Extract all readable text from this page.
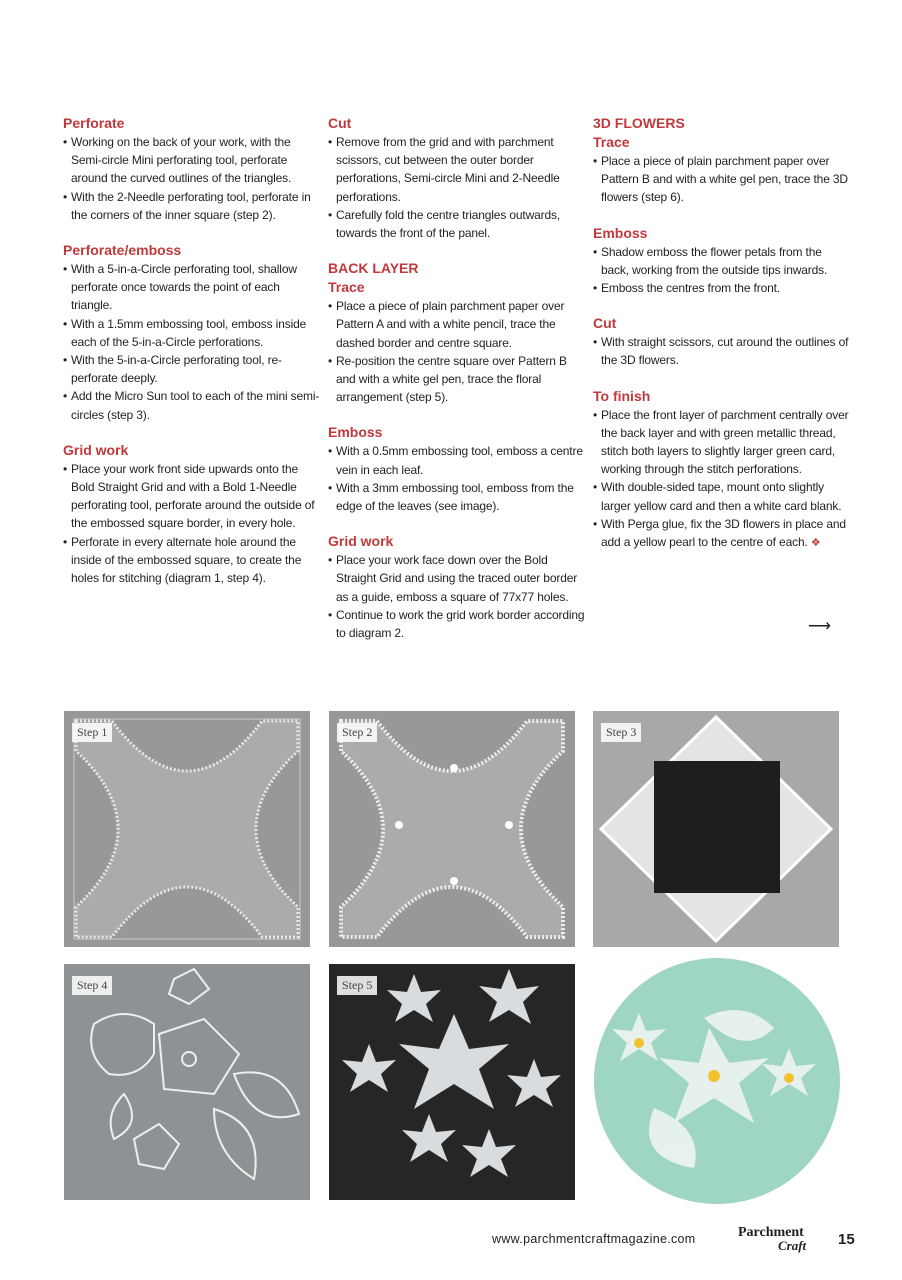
Perforate
• Working on the back of your work, with the Semi-circle Mini perforating tool, perforate around the curved outlines of the triangles.
• With the 2-Needle perforating tool, perforate in the corners of the inner square (step 2).
Perforate/emboss
• With a 5-in-a-Circle perforating tool, shallow perforate once towards the point of each triangle.
• With a 1.5mm embossing tool, emboss inside each of the 5-in-a-Circle perforations.
• With the 5-in-a-Circle perforating tool, re-perforate deeply.
• Add the Micro Sun tool to each of the mini semi-circles (step 3).
Grid work
• Place your work front side upwards onto the Bold Straight Grid and with a Bold 1-Needle perforating tool, perforate around the outside of the embossed square border, in every hole.
• Perforate in every alternate hole around the inside of the embossed square, to create the holes for stitching (diagram 1, step 4).
Cut
• Remove from the grid and with parchment scissors, cut between the outer border perforations, Semi-circle Mini and 2-Needle perforations.
• Carefully fold the centre triangles outwards, towards the front of the panel.
BACK LAYER
Trace
• Place a piece of plain parchment paper over Pattern A and with a white pencil, trace the dashed border and centre square.
• Re-position the centre square over Pattern B and with a white gel pen, trace the floral arrangement (step 5).
Emboss
• With a 0.5mm embossing tool, emboss a centre vein in each leaf.
• With a 3mm embossing tool, emboss from the edge of the leaves (see image).
Grid work
• Place your work face down over the Bold Straight Grid and using the traced outer border as a guide, emboss a square of 77x77 holes.
• Continue to work the grid work border according to diagram 2.
3D FLOWERS
Trace
• Place a piece of plain parchment paper over Pattern B and with a white gel pen, trace the 3D flowers (step 6).
Emboss
• Shadow emboss the flower petals from the back, working from the outside tips inwards.
• Emboss the centres from the front.
Cut
• With straight scissors, cut around the outlines of the 3D flowers.
To finish
• Place the front layer of parchment centrally over the back layer and with green metallic thread, stitch both layers to slightly larger green card, working through the stitch perforations.
• With double-sided tape, mount onto slightly larger yellow card and then a white card blank.
• With Perga glue, fix the 3D flowers in place and add a yellow pearl to the centre of each. ❖
⟶
Step 1	Step 2	Step 3
Step 4	Step 5
www.parchmentcraftmagazine.com	Parchment
Craft 15
